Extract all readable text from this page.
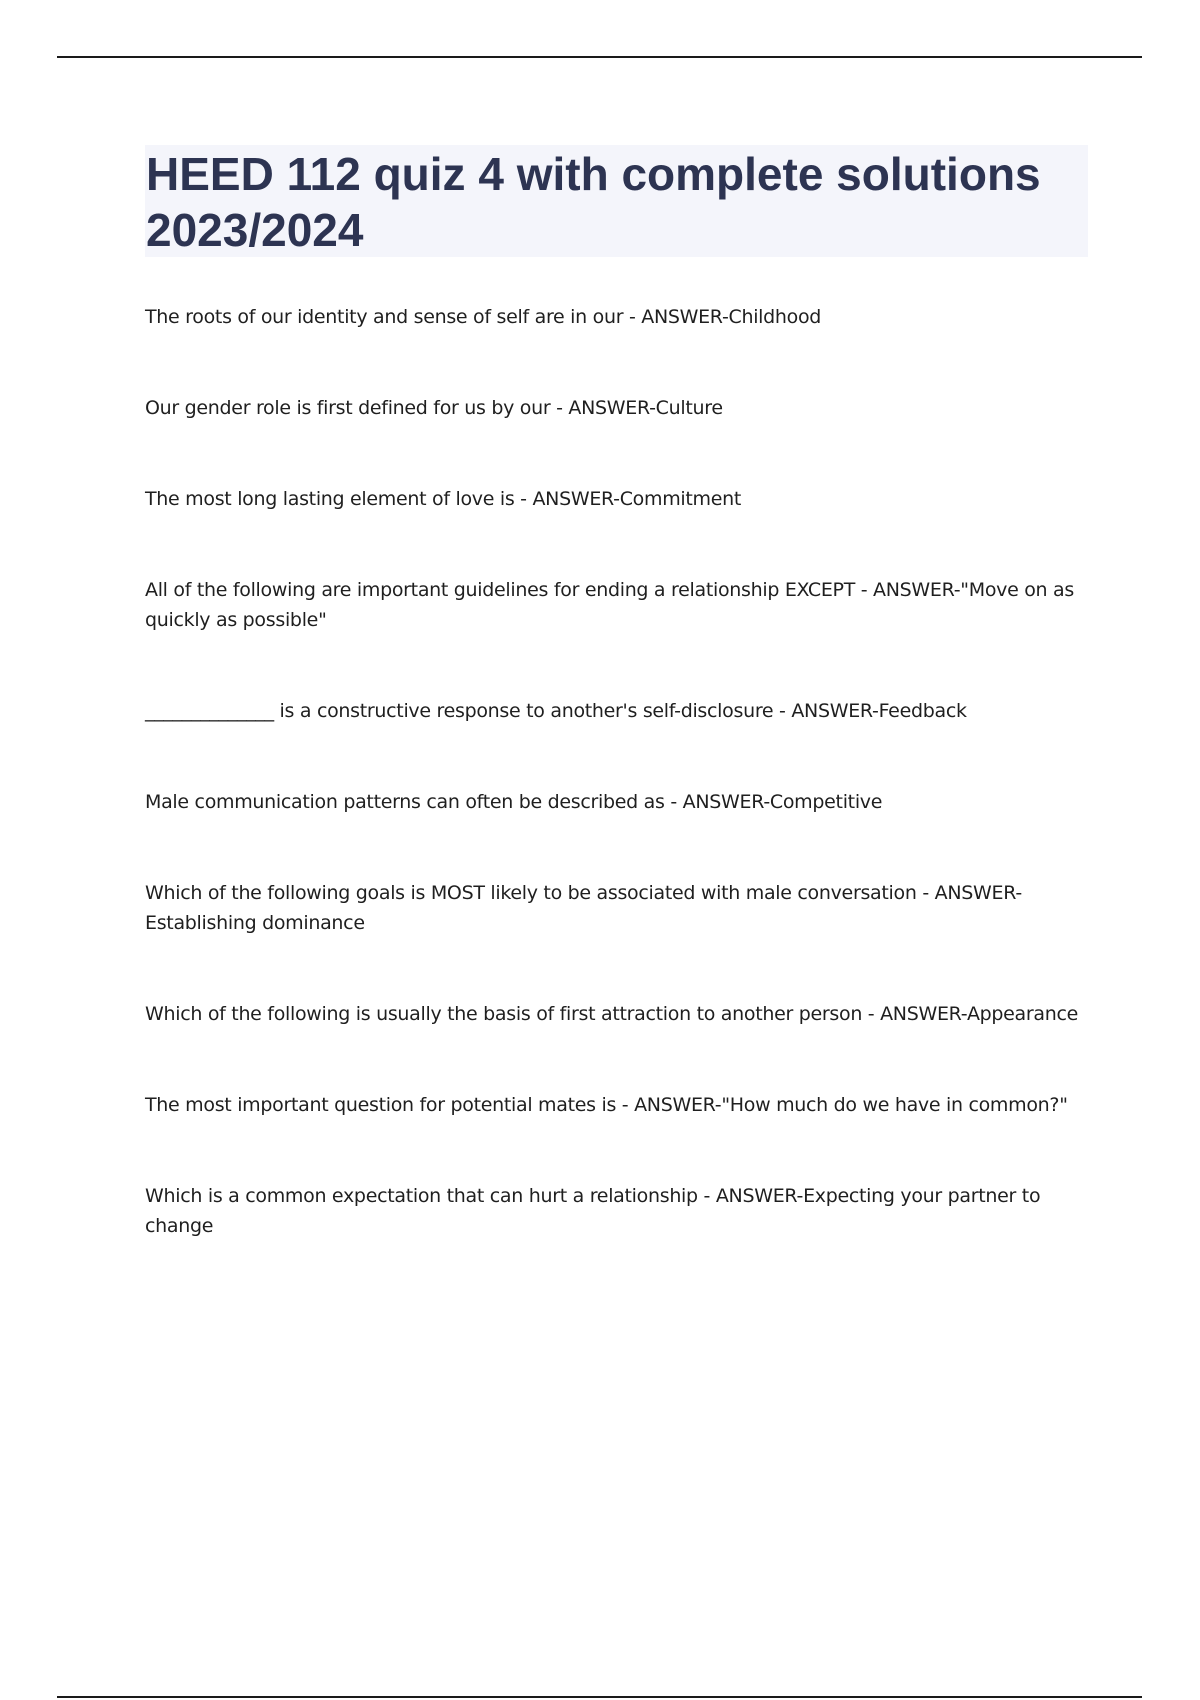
HEED 112 quiz 4 with complete solutions 2023/2024
The roots of our identity and sense of self are in our - ANSWER-Childhood
Our gender role is first defined for us by our - ANSWER-Culture
The most long lasting element of love is - ANSWER-Commitment
All of the following are important guidelines for ending a relationship EXCEPT - ANSWER-"Move on as quickly as possible"
______________ is a constructive response to another's self-disclosure - ANSWER-Feedback
Male communication patterns can often be described as - ANSWER-Competitive
Which of the following goals is MOST likely to be associated with male conversation - ANSWER-Establishing dominance
Which of the following is usually the basis of first attraction to another person - ANSWER-Appearance
The most important question for potential mates is - ANSWER-"How much do we have in common?"
Which is a common expectation that can hurt a relationship - ANSWER-Expecting your partner to change
